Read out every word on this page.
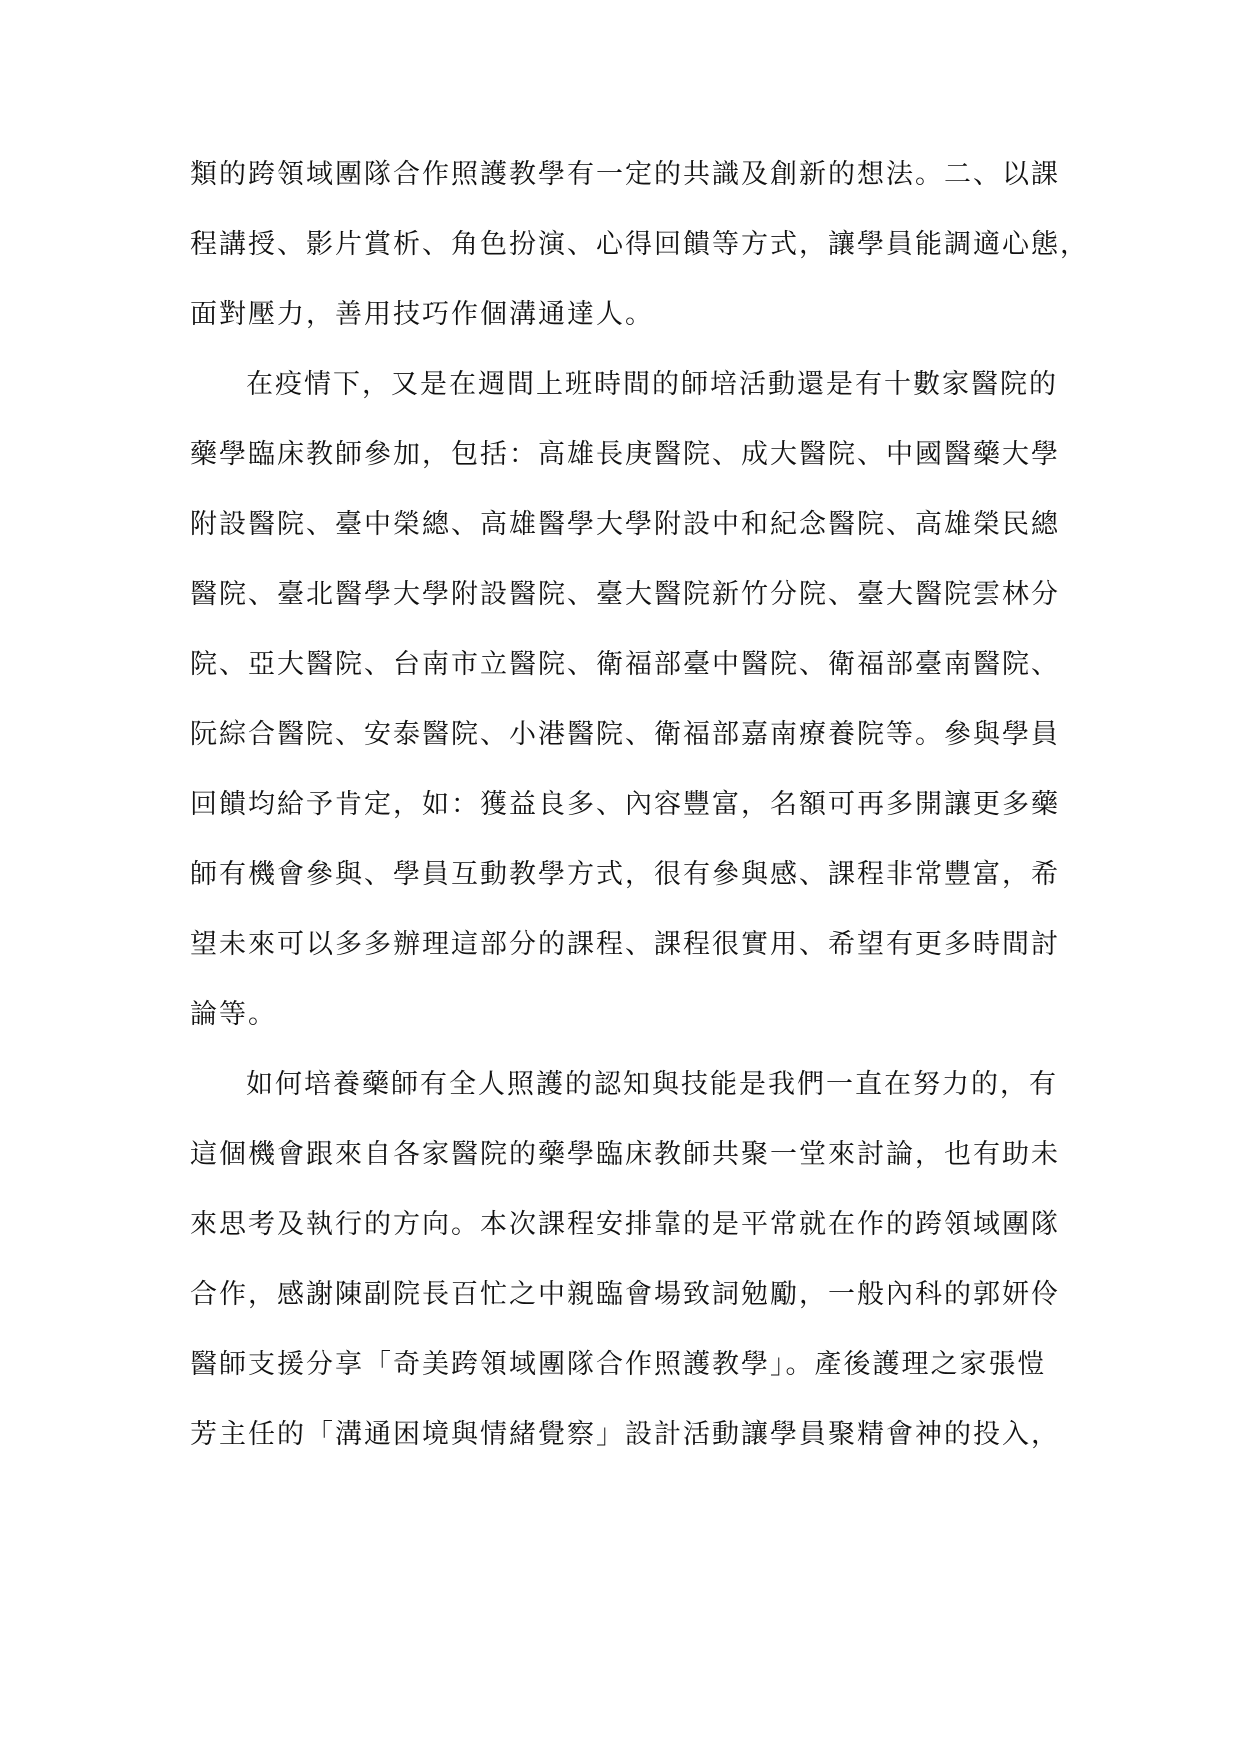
類的跨領域團隊合作照護教學有一定的共識及創新的想法。二、以課
程講授、影片賞析、角色扮演、心得回饋等方式，讓學員能調適心態，
面對壓力，善用技巧作個溝通達人。
在疫情下，又是在週間上班時間的師培活動還是有十數家醫院的
藥學臨床教師參加，包括：高雄長庚醫院、成大醫院、中國醫藥大學
附設醫院、臺中榮總、高雄醫學大學附設中和紀念醫院、高雄榮民總
醫院、臺北醫學大學附設醫院、臺大醫院新竹分院、臺大醫院雲林分
院、亞大醫院、台南市立醫院、衛福部臺中醫院、衛福部臺南醫院、
阮綜合醫院、安泰醫院、小港醫院、衛福部嘉南療養院等。參與學員
回饋均給予肯定，如：獲益良多、內容豐富，名額可再多開讓更多藥
師有機會參與、學員互動教學方式，很有參與感、課程非常豐富，希
望未來可以多多辦理這部分的課程、課程很實用、希望有更多時間討
論等。
如何培養藥師有全人照護的認知與技能是我們一直在努力的，有
這個機會跟來自各家醫院的藥學臨床教師共聚一堂來討論，也有助未
來思考及執行的方向。本次課程安排靠的是平常就在作的跨領域團隊
合作，感謝陳副院長百忙之中親臨會場致詞勉勵，一般內科的郭妍伶
醫師支援分享「奇美跨領域團隊合作照護教學」。產後護理之家張愷
芳主任的「溝通困境與情緒覺察」設計活動讓學員聚精會神的投入，
